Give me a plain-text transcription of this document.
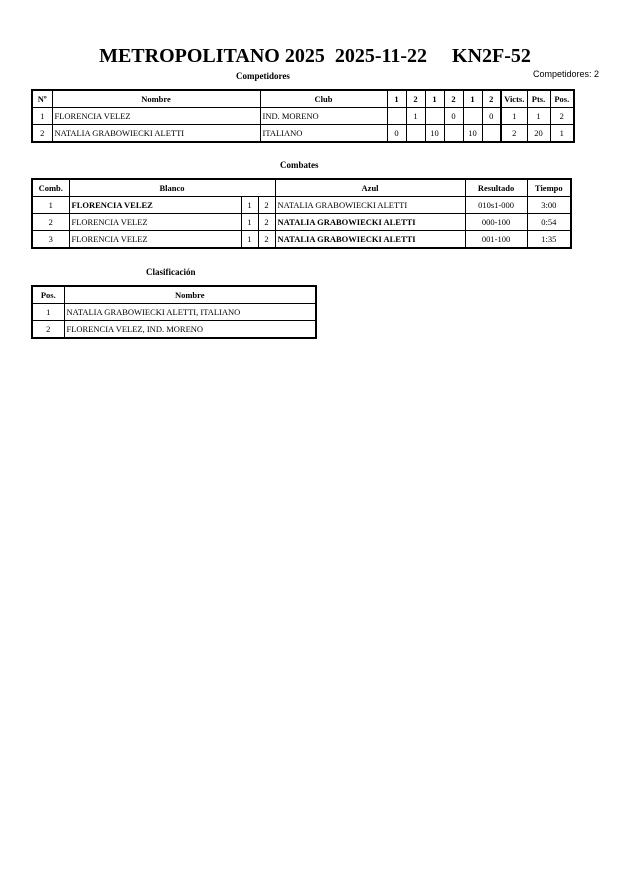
METROPOLITANO 2025  2025-11-22     KN2F-52
Competidores: 2
Competidores
Nº	Nombre	Club	1	2	1	2	1	2	Victs.	Pts.	Pos.
1	FLORENCIA VELEZ	IND. MORENO		1		0		0	1	1	2
2	NATALIA GRABOWIECKI ALETTI	ITALIANO	0		10		10		2	20	1
Combates
Comb.	Blanco			Azul	Resultado	Tiempo
1	FLORENCIA VELEZ	1	2	NATALIA GRABOWIECKI ALETTI	010s1-000	3:00
2	FLORENCIA VELEZ	1	2	NATALIA GRABOWIECKI ALETTI	000-100	0:54
3	FLORENCIA VELEZ	1	2	NATALIA GRABOWIECKI ALETTI	001-100	1:35
Clasificación
Pos.	Nombre
1	NATALIA GRABOWIECKI ALETTI, ITALIANO
2	FLORENCIA VELEZ, IND. MORENO
